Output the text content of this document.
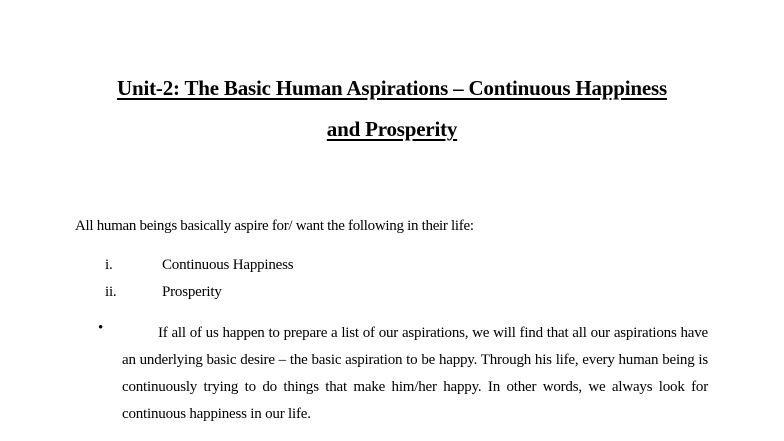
Unit-2: The Basic Human Aspirations – Continuous Happiness
and Prosperity
All human beings basically aspire for/ want the following in their life:
i.	Continuous Happiness
ii.	Prosperity
•	If all of us happen to prepare a list of our aspirations, we will find that all our aspirations have an underlying basic desire – the basic aspiration to be happy. Through his life, every human being is continuously trying to do things that make him/her happy. In other words, we always look for continuous happiness in our life.
